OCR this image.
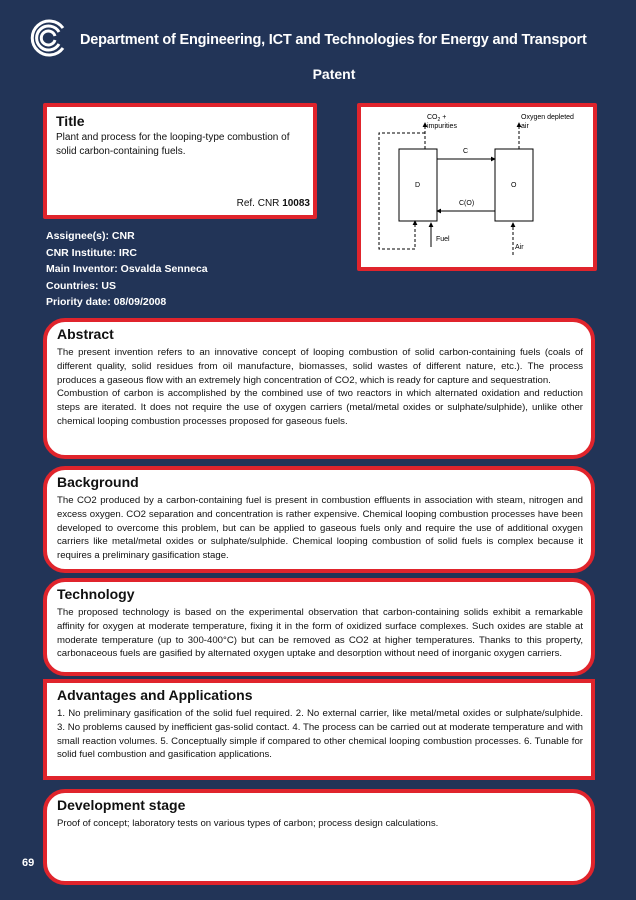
Department of Engineering, ICT and Technologies for Energy and Transport
Patent
Title
Plant and process for the looping-type combustion of solid carbon-containing fuels.
Ref. CNR 10083
$CO_2$ +
impurities
Oxygen depleted
air
C
D	O
C(O)
Fuel
Air
Assignee(s): CNR
CNR Institute: IRC
Main Inventor: Osvalda Senneca
Countries: US
Priority date: 08/09/2008
Abstract
The present invention refers to an innovative concept of looping combustion of solid carbon-containing fuels (coals of different quality, solid residues from oil manufacture, biomasses, solid wastes of different nature, etc.). The process produces a gaseous flow with an extremely high concentration of CO2, which is ready for capture and sequestration.
Combustion of carbon is accomplished by the combined use of two reactors in which alternated oxidation and reduction steps are iterated. It does not require the use of oxygen carriers (metal/metal oxides or sulphate/sulphide), unlike other chemical looping combustion processes proposed for gaseous fuels.
Background
The CO2 produced by a carbon-containing fuel is present in combustion effluents in association with steam, nitrogen and excess oxygen. CO2 separation and concentration is rather expensive. Chemical looping combustion processes have been developed to overcome this problem, but can be applied to gaseous fuels only and require the use of additional oxygen carriers like metal/metal oxides or sulphate/sulphide. Chemical looping combustion of solid fuels is complex because it requires a preliminary gasification stage.
Technology
The proposed technology is based on the experimental observation that carbon-containing solids exhibit a remarkable affinity for oxygen at moderate temperature, fixing it in the form of oxidized surface complexes. Such oxides are stable at moderate temperature (up to 300-400°C) but can be removed as CO2 at higher temperatures. Thanks to this property, carbonaceous fuels are gasified by alternated oxygen uptake and desorption without need of inorganic oxygen carriers.
Advantages and Applications
1. No preliminary gasification of the solid fuel required. 2. No external carrier, like metal/metal oxides or sulphate/sulphide. 3. No problems caused by inefficient gas-solid contact. 4. The process can be carried out at moderate temperature and with small reaction volumes. 5. Conceptually simple if compared to other chemical looping combustion processes. 6. Tunable for solid fuel combustion and gasification applications.
Development stage
Proof of concept; laboratory tests on various types of carbon; process design calculations.
69
